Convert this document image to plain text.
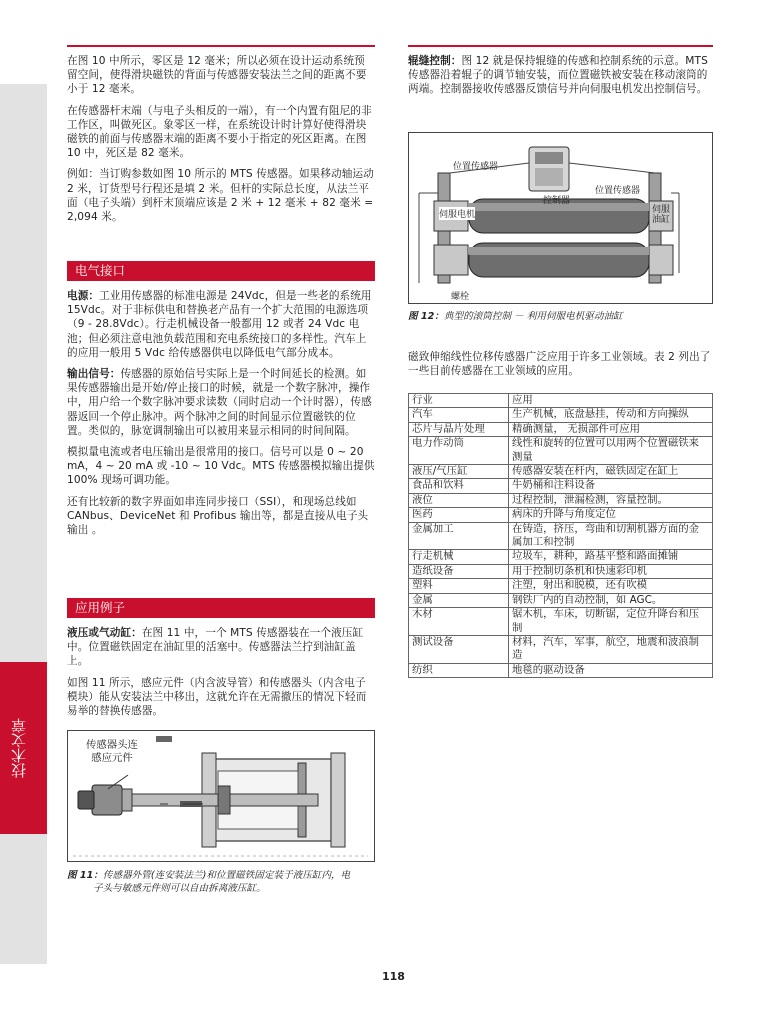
技术文章

在图 10 中所示，零区是 12 毫米；所以必须在设计运动系统预留空间，使得滑块磁铁的背面与传感器安装法兰之间的距离不要小于 12 毫米。

在传感器杆末端（与电子头相反的一端），有一个内置有阻尼的非工作区，叫做死区。象零区一样，在系统设计时计算好使得滑块磁铁的前面与传感器末端的距离不要小于指定的死区距离。在图 10 中，死区是 82 毫米。

例如：当订购参数如图 10 所示的 MTS 传感器。如果移动轴运动 2 米，订货型号行程还是填 2 米。但杆的实际总长度，从法兰平面（电子头端）到杆末顶端应该是 2 米 + 12 毫米 + 82 毫米 = 2,094 米。

电气接口

电源：工业用传感器的标准电源是 24Vdc，但是一些老的系统用15Vdc。对于非标供电和替换老产品有一个扩大范围的电源选项（9 - 28.8Vdc）。行走机械设备一般都用 12 或者 24 Vdc 电池；但必须注意电池负载范围和充电系统接口的多样性。汽车上的应用一般用 5 Vdc 给传感器供电以降低电气部分成本。

输出信号：传感器的原始信号实际上是一个时间延长的检测。如果传感器输出是开始/停止接口的时候，就是一个数字脉冲，操作中，用户给一个数字脉冲要求读数（同时启动一个计时器），传感器返回一个停止脉冲。两个脉冲之间的时间显示位置磁铁的位置。类似的，脉宽调制输出可以被用来显示相同的时间间隔。

模拟量电流或者电压输出是很常用的接口。信号可以是 0 ~ 20 mA，4 ~ 20 mA 或 -10 ~ 10 Vdc。MTS 传感器模拟输出提供 100% 现场可调功能。

还有比较新的数字界面如串连同步接口（SSI），和现场总线如 CANbus、DeviceNet 和 Profibus 输出等，都是直接从电子头输出 。

应用例子

液压或气动缸：在图 11 中，一个 MTS 传感器装在一个液压缸中。位置磁铁固定在油缸里的活塞中。传感器法兰拧到油缸盖上。

如图 11 所示，感应元件（内含波导管）和传感器头（内含电子模块）能从安装法兰中移出，这就允许在无需撤压的情况下轻而易举的替换传感器。

传感器头连
感应元件
图 11：传感器外管(连安装法兰)和位置磁铁固定装于液压缸内，电
子头与敏感元件则可以自由拆离液压缸。

辊缝控制：图 12 就是保持辊缝的传感和控制系统的示意。MTS 传感器沿着辊子的调节轴安装，而位置磁铁被安装在移动滚筒的两端。控制器接收传感器反馈信号并向伺服电机发出控制信号。

位置传感器
控制器
位置传感器
伺服电机	伺服
油缸
螺栓
图 12：典型的滚筒控制 － 利用伺服电机驱动油缸

磁致伸缩线性位移传感器广泛应用于许多工业领域。表 2 列出了一些目前传感器在工业领域的应用。

行业	应用
汽车	生产机械，底盘悬挂，传动和方向操纵
芯片与晶片处理	精确测量， 无损部件可应用
电力作动筒	线性和旋转的位置可以用两个位置磁铁来测量
液压/气压缸	传感器安装在杆内，磁铁固定在缸上
食品和饮料	牛奶桶和注料设备
液位	过程控制，泄漏检测，容量控制。
医药	病床的升降与角度定位
金属加工	在铸造，挤压，弯曲和切割机器方面的金属加工和控制
行走机械	垃圾车，耕种，路基平整和路面摊铺
造纸设备	用于控制切条机和快速彩印机
塑料	注塑，射出和脱模，还有吹模
金属	钢铁厂内的自动控制，如 AGC。
木材	锯木机，车床，切断锯，定位升降台和压制
测试设备	材料，汽车，军事，航空，地震和波浪制造
纺织	地毯的驱动设备
118
